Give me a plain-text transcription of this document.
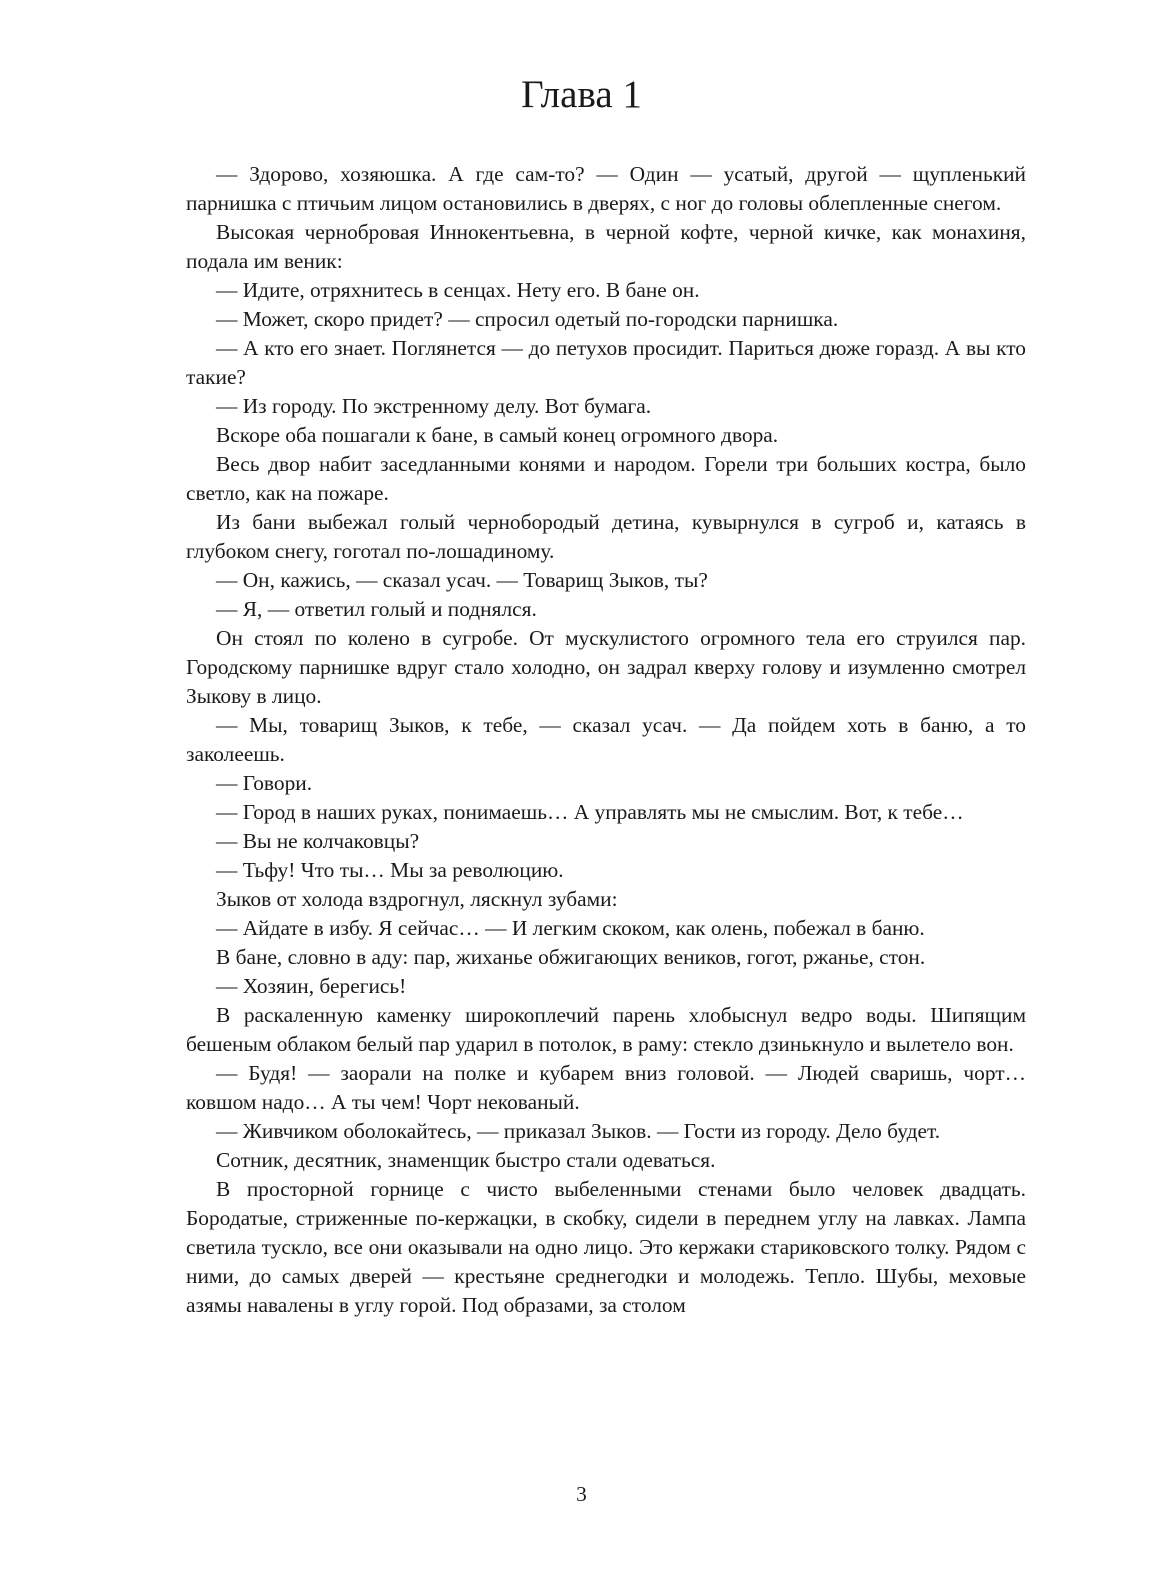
Глава 1

— Здорово, хозяюшка. А где сам-то? — Один — усатый, другой — щупленький парнишка с птичьим лицом остановились в дверях, с ног до головы облепленные снегом.

Высокая чернобровая Иннокентьевна, в черной кофте, черной кичке, как монахиня, подала им веник:

— Идите, отряхнитесь в сенцах. Нету его. В бане он.

— Может, скоро придет? — спросил одетый по-городски парнишка.

— А кто его знает. Поглянется — до петухов просидит. Париться дюже горазд. А вы кто такие?

— Из городу. По экстренному делу. Вот бумага.

Вскоре оба пошагали к бане, в самый конец огромного двора.

Весь двор набит заседланными конями и народом. Горели три больших костра, было светло, как на пожаре.

Из бани выбежал голый чернобородый детина, кувырнулся в сугроб и, катаясь в глубоком снегу, гоготал по-лошадиному.

— Он, кажись, — сказал усач. — Товарищ Зыков, ты?

— Я, — ответил голый и поднялся.

Он стоял по колено в сугробе. От мускулистого огромного тела его струился пар. Городскому парнишке вдруг стало холодно, он задрал кверху голову и изумленно смотрел Зыкову в лицо.

— Мы, товарищ Зыков, к тебе, — сказал усач. — Да пойдем хоть в баню, а то заколеешь.

— Говори.

— Город в наших руках, понимаешь… А управлять мы не смыслим. Вот, к тебе…

— Вы не колчаковцы?

— Тьфу! Что ты… Мы за революцию.

Зыков от холода вздрогнул, ляскнул зубами:

— Айдате в избу. Я сейчас… — И легким скоком, как олень, побежал в баню.

В бане, словно в аду: пар, жиханье обжигающих веников, гогот, ржанье, стон.

— Хозяин, берегись!

В раскаленную каменку широкоплечий парень хлобыснул ведро воды. Шипящим бешеным облаком белый пар ударил в потолок, в раму: стекло дзинькнуло и вылетело вон.

— Будя! — заорали на полке и кубарем вниз головой. — Людей сваришь, чорт… ковшом надо… А ты чем! Чорт некованый.

— Живчиком оболокайтесь, — приказал Зыков. — Гости из городу. Дело будет.

Сотник, десятник, знаменщик быстро стали одеваться.

В просторной горнице с чисто выбеленными стенами было человек двадцать. Бородатые, стриженные по-кержацки, в скобку, сидели в переднем углу на лавках. Лампа светила тускло, все они оказывали на одно лицо. Это кержаки стариковского толку. Рядом с ними, до самых дверей — крестьяне среднегодки и молодежь. Тепло. Шубы, меховые азямы навалены в углу горой. Под образами, за столом

3
